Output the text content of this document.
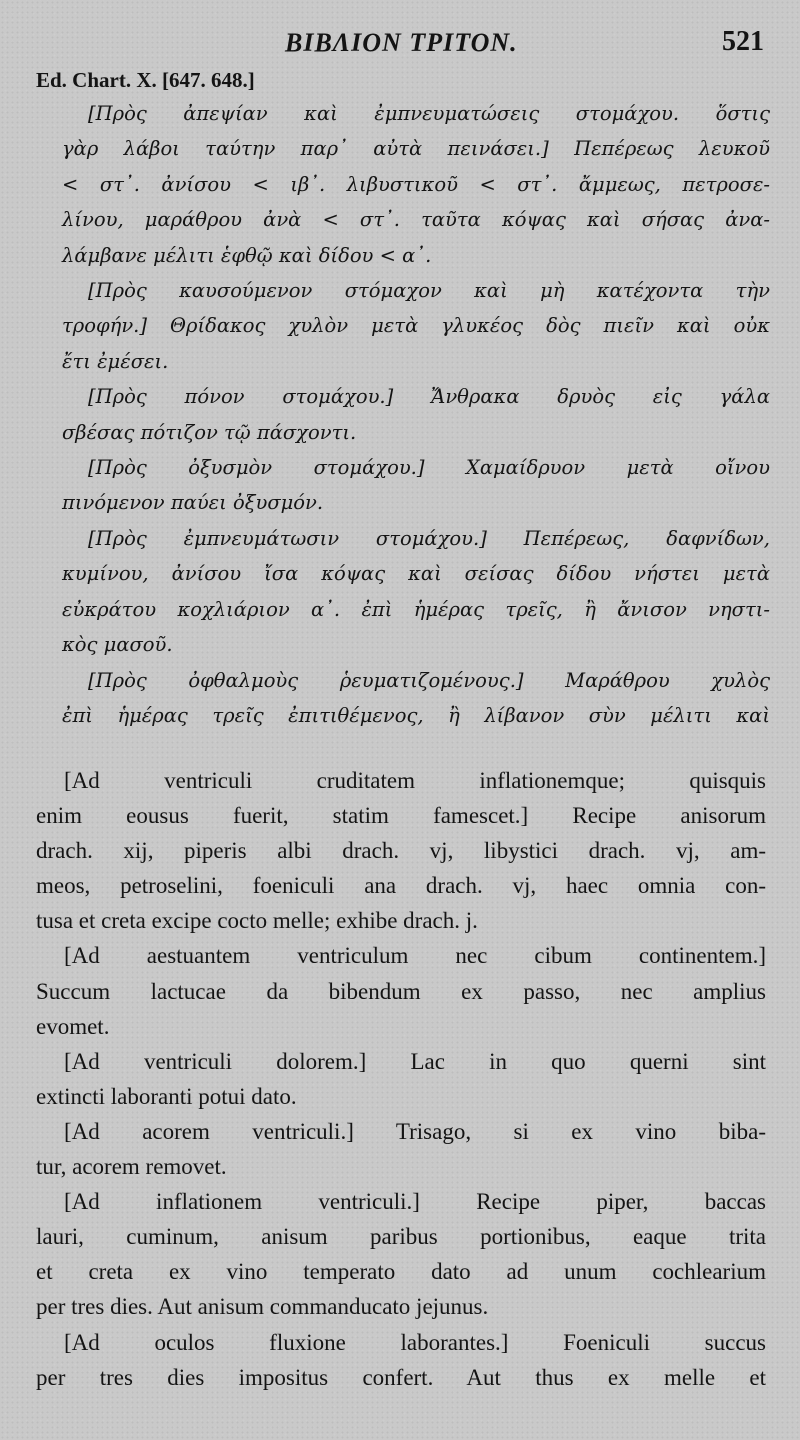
ΒΙΒΛΙΟΝ ΤΡΙΤΟΝ.	521
Ed. Chart. X. [647. 648.]
[Πρὸς ἀπεψίαν καὶ ἐμπνευματώσεις στομάχου. ὅστις
γὰρ λάβοι ταύτην παρ᾽ αὐτὰ πεινάσει.] Πεπέρεως λευκοῦ
< στ᾽. ἀνίσου < ιβ᾽. λιβυστικοῦ < στ᾽. ἄμμεως, πετροσε-
λίνου, μαράθρου ἀνὰ < στ᾽. ταῦτα κόψας καὶ σήσας ἀνα-
λάμβανε μέλιτι ἑφθῷ καὶ δίδου < α᾽.
[Πρὸς καυσούμενον στόμαχον καὶ μὴ κατέχοντα τὴν
τροφήν.] Θρίδακος χυλὸν μετὰ γλυκέος δὸς πιεῖν καὶ οὐκ
ἔτι ἐμέσει.
[Πρὸς πόνον στομάχου.] Ἄνθρακα δρυὸς εἰς γάλα
σβέσας πότιζον τῷ πάσχοντι.
[Πρὸς ὀξυσμὸν στομάχου.] Χαμαίδρυον μετὰ οἴνου
πινόμενον παύει ὀξυσμόν.
[Πρὸς ἐμπνευμάτωσιν στομάχου.] Πεπέρεως, δαφνίδων,
κυμίνου, ἀνίσου ἴσα κόψας καὶ σείσας δίδου νήστει μετὰ
εὐκράτου κοχλιάριον α᾽. ἐπὶ ἡμέρας τρεῖς, ἢ ἄνισον νηστι-
κὸς μασοῦ.
[Πρὸς ὀφθαλμοὺς ῥευματιζομένους.] Μαράθρου χυλὸς
ἐπὶ ἡμέρας τρεῖς ἐπιτιθέμενος, ἢ λίβανον σὺν μέλιτι καὶ
[Ad ventriculi cruditatem inflationemque; quisquis
enim eousus fuerit, statim famescet.] Recipe anisorum
drach. xij, piperis albi drach. vj, libystici drach. vj, am-
meos, petroselini, foeniculi ana drach. vj, haec omnia con-
tusa et creta excipe cocto melle; exhibe drach. j.
[Ad aestuantem ventriculum nec cibum continentem.]
Succum lactucae da bibendum ex passo, nec amplius
evomet.
[Ad ventriculi dolorem.] Lac in quo querni sint
extincti laboranti potui dato.
[Ad acorem ventriculi.] Trisago, si ex vino biba-
tur, acorem removet.
[Ad inflationem ventriculi.] Recipe piper, baccas
lauri, cuminum, anisum paribus portionibus, eaque trita
et creta ex vino temperato dato ad unum cochlearium
per tres dies. Aut anisum commanducato jejunus.
[Ad oculos fluxione laborantes.] Foeniculi succus
per tres dies impositus confert. Aut thus ex melle et
